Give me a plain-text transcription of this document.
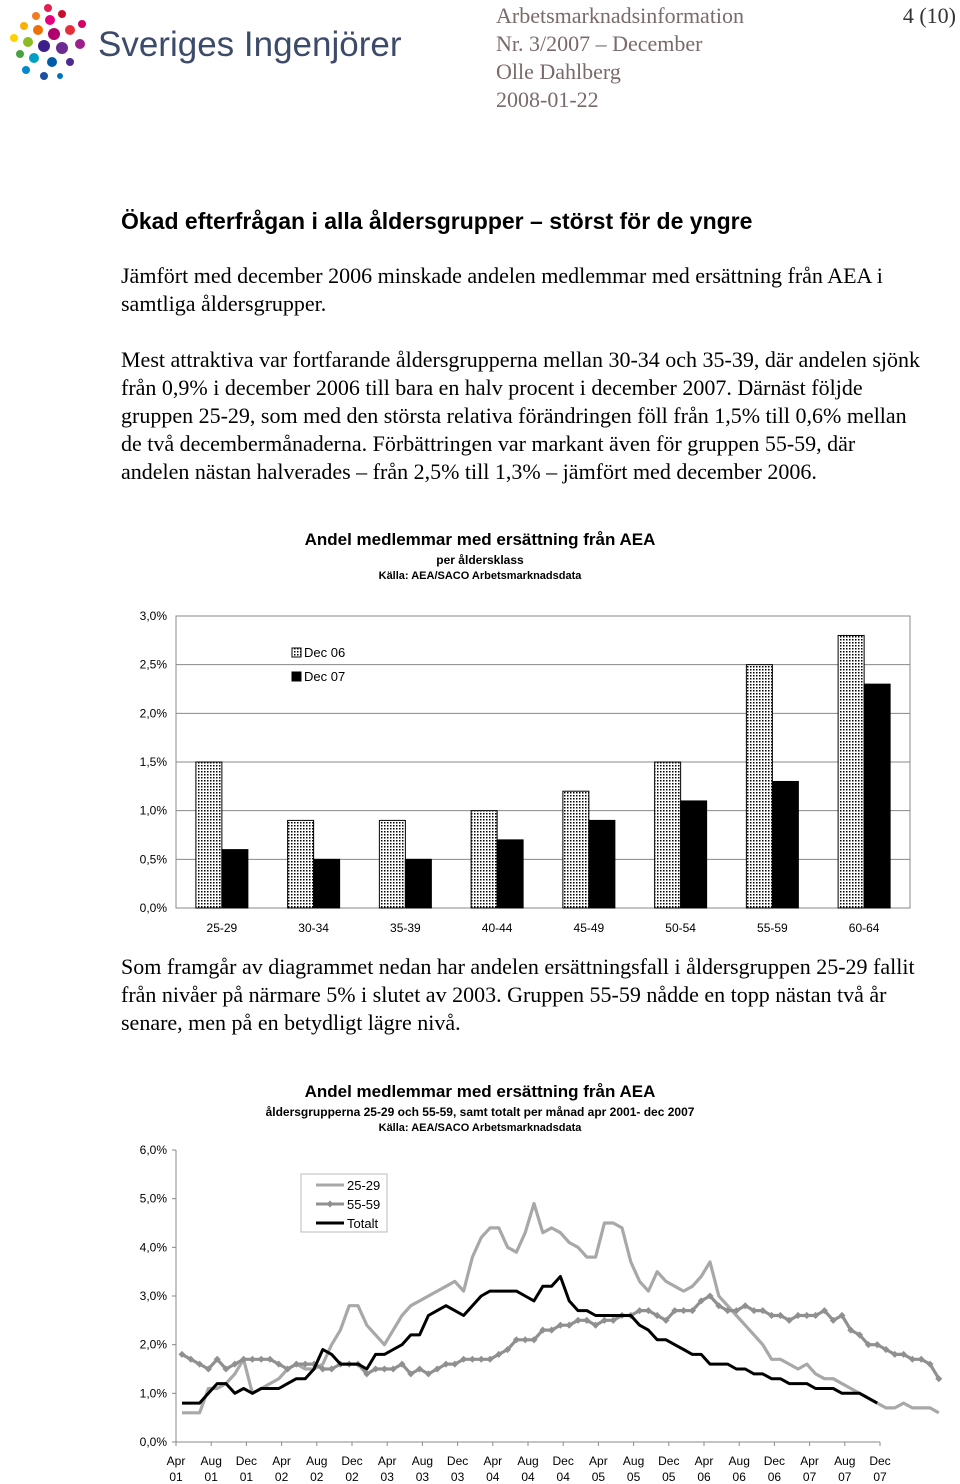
Sveriges Ingenjörer
Arbetsmarknadsinformation
Nr. 3/2007 – December
Olle Dahlberg
2008-01-22
4 (10)
Ökad efterfrågan i alla åldersgrupper – störst för de yngre

Jämfört med december 2006 minskade andelen medlemmar med ersättning från AEA i samtliga åldersgrupper.

Mest attraktiva var fortfarande åldersgrupperna mellan 30-34 och 35-39, där andelen sjönk från 0,9% i december 2006 till bara en halv procent i december 2007. Därnäst följde gruppen 25-29, som med den största relativa förändringen föll från 1,5% till 0,6% mellan de två decembermånaderna. Förbättringen var markant även för gruppen 55-59, där andelen nästan halverades – från 2,5% till 1,3% – jämfört med december 2006.

Andel medlemmar med ersättning från AEA
per åldersklass
Källa: AEA/SACO Arbetsmarknadsdata
0,0%
0,5%
1,0%
1,5%
2,0%
2,5%
3,0%
25-29	30-34	35-39	40-44	45-49	50-54	55-59	60-64
Dec 06
Dec 07

Som framgår av diagrammet nedan har andelen ersättningsfall i åldersgruppen 25-29 fallit från nivåer på närmare 5% i slutet av 2003. Gruppen 55-59 nådde en topp nästan två år senare, men på en betydligt lägre nivå.

Andel medlemmar med ersättning från AEA
åldersgrupperna 25-29 och 55-59, samt totalt per månad apr 2001- dec 2007
Källa: AEA/SACO Arbetsmarknadsdata
0,0%
1,0%
2,0%
3,0%
4,0%
5,0%
6,0%
Apr
01
Aug
01
Dec
01
Apr
02
Aug
02
Dec
02
Apr
03
Aug
03
Dec
03
Apr
04
Aug
04
Dec
04
Apr
05
Aug
05
Dec
05
Apr
06
Aug
06
Dec
06
Apr
07
Aug
07
Dec
07
25-29
55-59
Totalt
